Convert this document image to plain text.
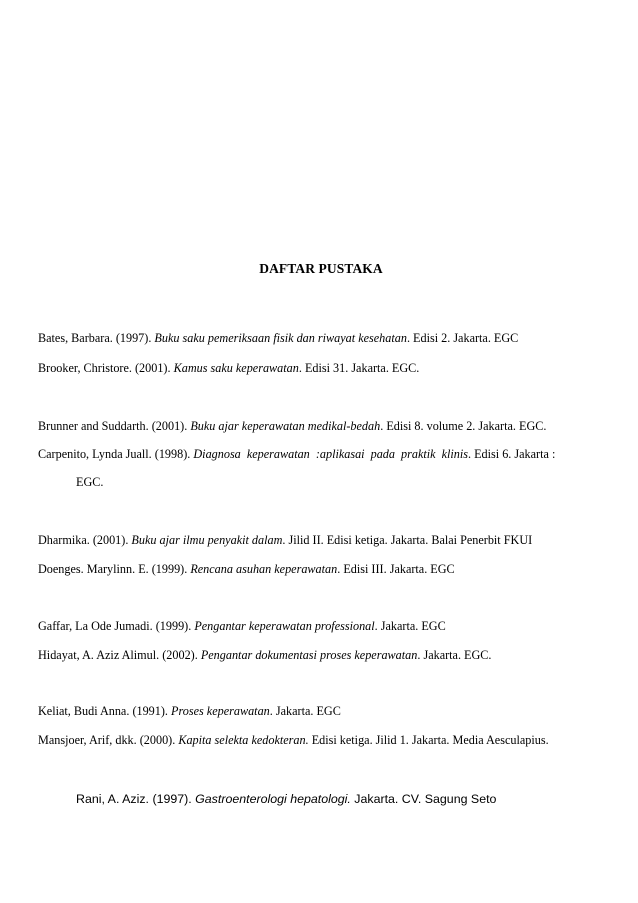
DAFTAR PUSTAKA
Bates, Barbara. (1997). Buku saku pemeriksaan fisik dan riwayat kesehatan. Edisi 2. Jakarta. EGC
Brooker, Christore. (2001). Kamus saku keperawatan. Edisi 31. Jakarta. EGC.
Brunner and Suddarth. (2001). Buku ajar keperawatan medikal-bedah. Edisi 8. volume 2. Jakarta. EGC.
Carpenito, Lynda Juall. (1998). Diagnosa keperawatan :aplikasai pada praktik klinis. Edisi 6. Jakarta :
EGC.
Dharmika. (2001). Buku ajar ilmu penyakit dalam. Jilid II. Edisi ketiga. Jakarta. Balai Penerbit FKUI
Doenges. Marylinn. E. (1999). Rencana asuhan keperawatan. Edisi III. Jakarta. EGC
Gaffar, La Ode Jumadi. (1999). Pengantar keperawatan professional. Jakarta. EGC
Hidayat, A. Aziz Alimul. (2002). Pengantar dokumentasi proses keperawatan. Jakarta. EGC.
Keliat, Budi Anna. (1991). Proses keperawatan. Jakarta. EGC
Mansjoer, Arif, dkk. (2000). Kapita selekta kedokteran. Edisi ketiga. Jilid 1. Jakarta. Media Aesculapius.
Rani, A. Aziz. (1997). Gastroenterologi hepatologi. Jakarta. CV. Sagung Seto
